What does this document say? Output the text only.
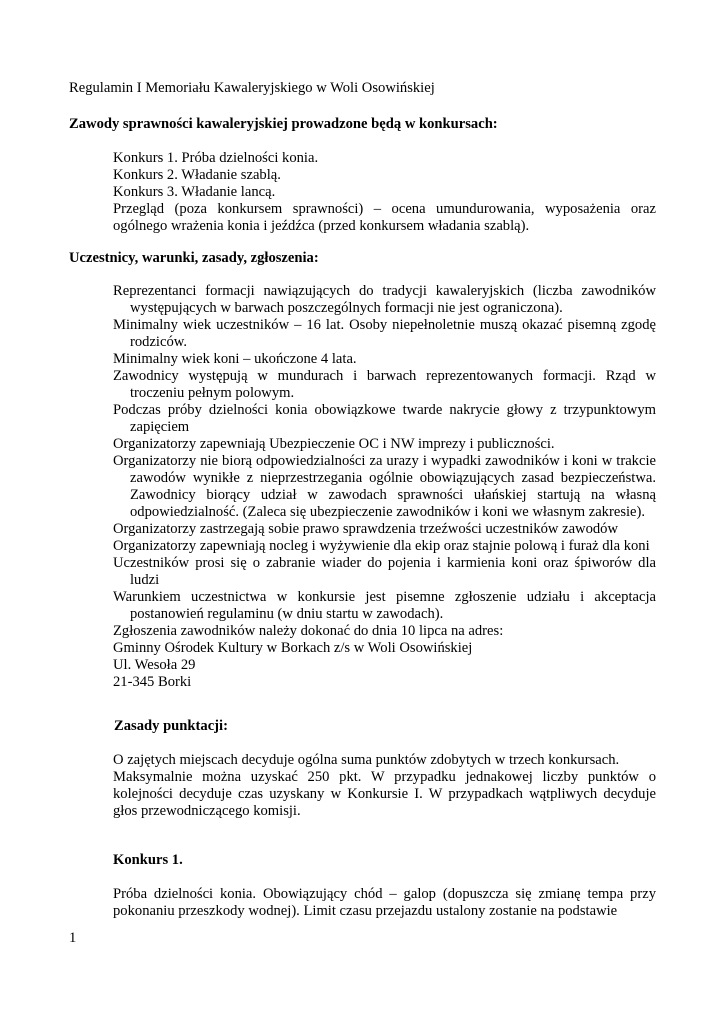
Regulamin I Memoriału Kawaleryjskiego w Woli Osowińskiej
Zawody sprawności kawaleryjskiej prowadzone będą w konkursach:

Konkurs 1. Próba dzielności konia.

Konkurs 2. Władanie szablą.

Konkurs 3. Władanie lancą.

Przegląd (poza konkursem sprawności) – ocena umundurowania, wyposażenia oraz ogólnego wrażenia konia i jeźdźca (przed konkursem władania szablą).

Uczestnicy, warunki, zasady, zgłoszenia:

Reprezentanci formacji nawiązujących do tradycji kawaleryjskich (liczba zawodników występujących w barwach poszczególnych formacji nie jest ograniczona).

Minimalny wiek uczestników – 16 lat. Osoby niepełnoletnie muszą okazać pisemną zgodę rodziców.

Minimalny wiek koni – ukończone 4 lata.

Zawodnicy występują w mundurach i barwach reprezentowanych formacji. Rząd w troczeniu pełnym polowym.

Podczas próby dzielności konia obowiązkowe twarde nakrycie głowy z trzypunktowym zapięciem

Organizatorzy zapewniają Ubezpieczenie OC i NW imprezy i publiczności.

Organizatorzy nie biorą odpowiedzialności za urazy i wypadki zawodników i koni w trakcie zawodów wynikłe z nieprzestrzegania ogólnie obowiązujących zasad bezpieczeństwa. Zawodnicy biorący udział w zawodach sprawności ułańskiej startują na własną odpowiedzialność. (Zaleca się ubezpieczenie zawodników i koni we własnym zakresie).

Organizatorzy zastrzegają sobie prawo sprawdzenia trzeźwości uczestników zawodów

Organizatorzy zapewniają nocleg i wyżywienie dla ekip oraz stajnie polową i furaż dla koni

Uczestników prosi się o zabranie wiader do pojenia i karmienia koni oraz śpiworów dla ludzi

Warunkiem uczestnictwa w konkursie jest pisemne zgłoszenie udziału i akceptacja postanowień regulaminu (w dniu startu w zawodach).

Zgłoszenia zawodników należy dokonać do dnia 10 lipca na adres:

Gminny Ośrodek Kultury w Borkach z/s w Woli Osowińskiej

Ul. Wesoła 29

21-345 Borki

Zasady punktacji:

O zajętych miejscach decyduje ogólna suma punktów zdobytych w trzech konkursach.

Maksymalnie można uzyskać 250 pkt. W przypadku jednakowej liczby punktów o kolejności decyduje czas uzyskany w Konkursie I. W przypadkach wątpliwych decyduje głos przewodniczącego komisji.

Konkurs 1.

Próba dzielności konia. Obowiązujący chód – galop (dopuszcza się zmianę tempa przy pokonaniu przeszkody wodnej). Limit czasu przejazdu ustalony zostanie na podstawie

1
